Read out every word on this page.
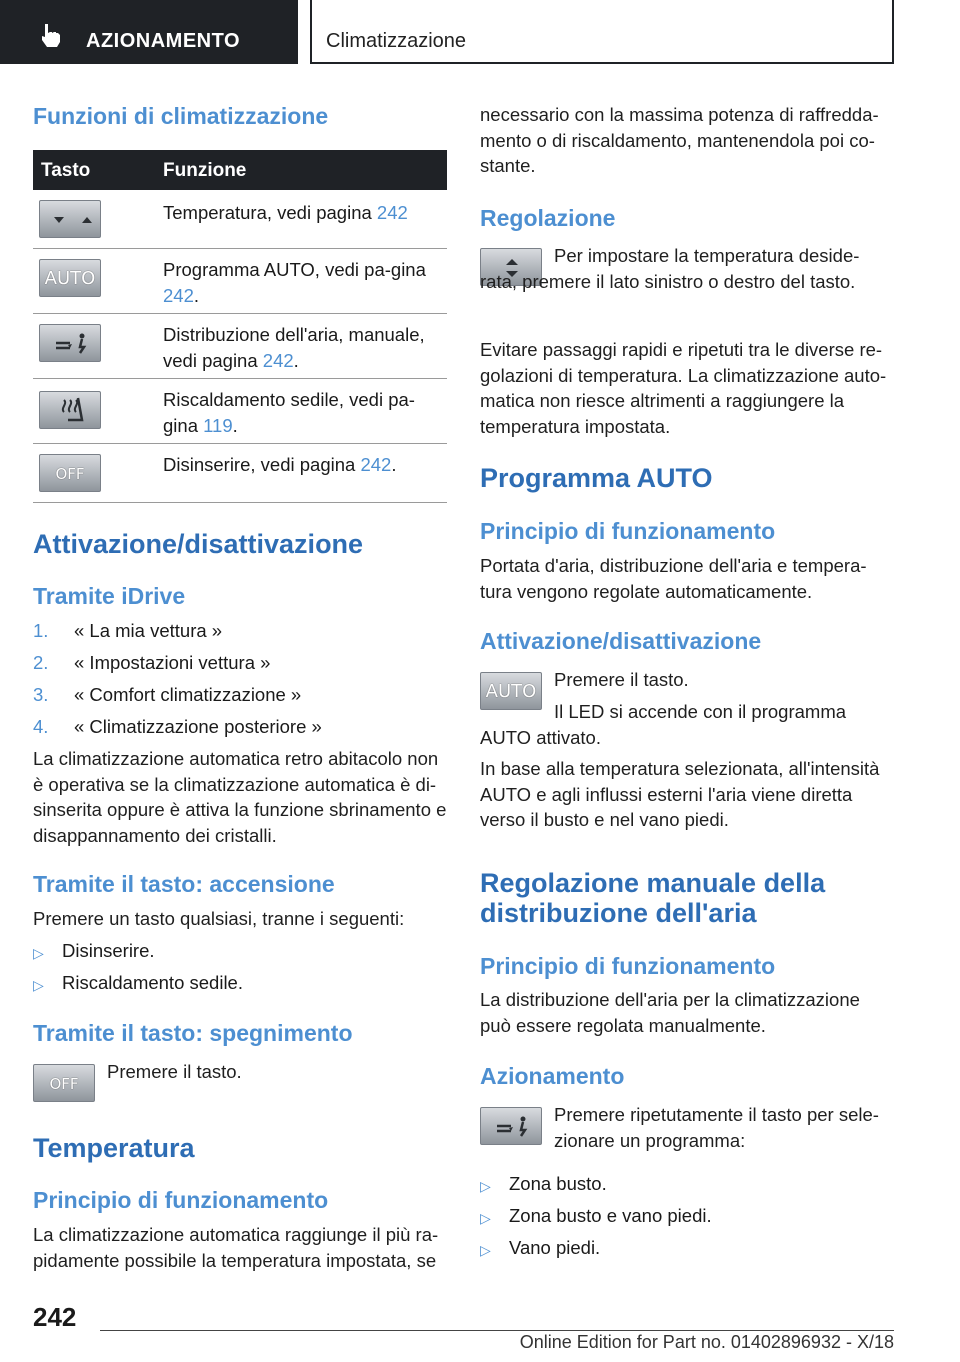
AZIONAMENTO	Climatizzazione
Funzioni di climatizzazione
Tasto	Funzione
Temperatura, vedi pagina 242
AUTO	Programma AUTO, vedi pa-gina 242.
Distribuzione dell'aria, manuale, vedi pagina 242.
Riscaldamento sedile, vedi pa-gina 119.
OFF	Disinserire, vedi pagina 242.
Attivazione/disattivazione
Tramite iDrive
1. « La mia vettura »
2. « Impostazioni vettura »
3. « Comfort climatizzazione »
4. « Climatizzazione posteriore »

La climatizzazione automatica retro abitacolo non è operativa se la climatizzazione automatica è di-sinserita oppure è attiva la funzione sbrinamento e disappannamento dei cristalli.

Tramite il tasto: accensione

Premere un tasto qualsiasi, tranne i seguenti:

▷ Disinserire.
▷ Riscaldamento sedile.
Tramite il tasto: spegnimento
OFF

Premere il tasto.

Temperatura
Principio di funzionamento

La climatizzazione automatica raggiunge il più ra-pidamente possibile la temperatura impostata, se

necessario con la massima potenza di raffredda-mento o di riscaldamento, mantenendola poi co-stante.

Regolazione

Per impostare la temperatura deside-rata, premere il lato sinistro o destro del tasto.

Evitare passaggi rapidi e ripetuti tra le diverse re-golazioni di temperatura. La climatizzazione auto-matica non riesce altrimenti a raggiungere la temperatura impostata.

Programma AUTO
Principio di funzionamento

Portata d'aria, distribuzione dell'aria e tempera-tura vengono regolate automaticamente.

Attivazione/disattivazione
AUTO

Premere il tasto.

Il LED si accende con il programma AUTO attivato.

In base alla temperatura selezionata, all'intensità AUTO e agli influssi esterni l'aria viene diretta verso il busto e nel vano piedi.

Regolazione manuale della distribuzione dell'aria
Principio di funzionamento

La distribuzione dell'aria per la climatizzazione può essere regolata manualmente.

Azionamento

Premere ripetutamente il tasto per sele-zionare un programma:

▷ Zona busto.
▷ Zona busto e vano piedi.
▷ Vano piedi.
242
Online Edition for Part no. 01402896932 - X/18
